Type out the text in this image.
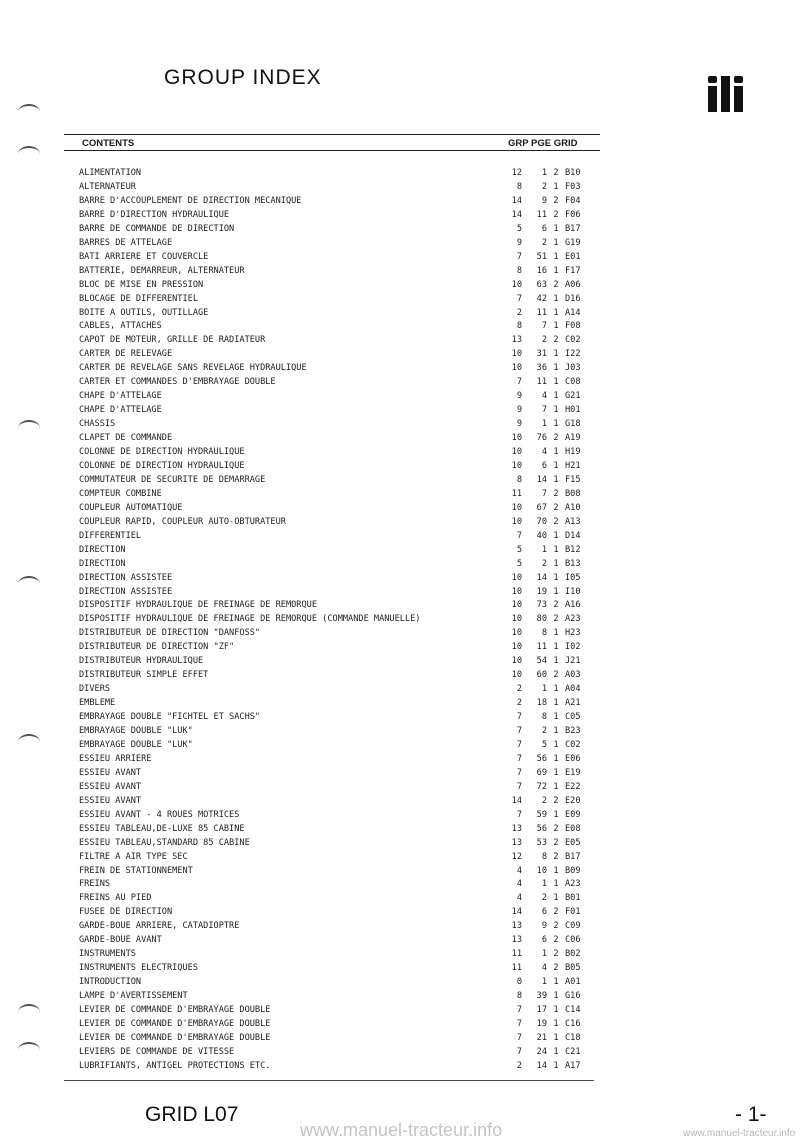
GROUP INDEX
CONTENTS	GRP PGE GRID
ALIMENTATION	12	1 2 B10
ALTERNATEUR	8	2 1 F03
BARRE D'ACCOUPLEMENT DE DIRECTION MECANIQUE	14	9 2 F04
BARRE D'DIRECTION HYDRAULIQUE	14	11 2 F06
BARRE DE COMMANDE DE DIRECTION	5	6 1 B17
BARRES DE ATTELAGE	9	2 1 G19
BATI ARRIERE ET COUVERCLE	7	51 1 E01
BATTERIE, DEMARREUR, ALTERNATEUR	8	16 1 F17
BLOC DE MISE EN PRESSION	10	63 2 A06
BLOCAGE DE DIFFERENTIEL	7	42 1 D16
BOITE A OUTILS, OUTILLAGE	2	11 1 A14
CABLES, ATTACHES	8	7 1 F08
CAPOT DE MOTEUR, GRILLE DE RADIATEUR	13	2 2 C02
CARTER DE RELEVAGE	10	31 1 I22
CARTER DE REVELAGE SANS REVELAGE HYDRAULIQUE	10	36 1 J03
CARTER ET COMMANDES D'EMBRAYAGE DOUBLE	7	11 1 C08
CHAPE D'ATTELAGE	9	4 1 G21
CHAPE D'ATTELAGE	9	7 1 H01
CHASSIS	9	1 1 G18
CLAPET DE COMMANDE	10	76 2 A19
COLONNE DE DIRECTION HYDRAULIQUE	10	4 1 H19
COLONNE DE DIRECTION HYDRAULIQUE	10	6 1 H21
COMMUTATEUR DE SECURITE DE DEMARRAGE	8	14 1 F15
COMPTEUR COMBINE	11	7 2 B08
COUPLEUR AUTOMATIQUE	10	67 2 A10
COUPLEUR RAPID, COUPLEUR AUTO-OBTURATEUR	10	70 2 A13
DIFFERENTIEL	7	40 1 D14
DIRECTION	5	1 1 B12
DIRECTION	5	2 1 B13
DIRECTION ASSISTEE	10	14 1 I05
DIRECTION ASSISTEE	10	19 1 I10
DISPOSITIF HYDRAULIQUE DE FREINAGE DE REMORQUE	10	73 2 A16
DISPOSITIF HYDRAULIQUE DE FREINAGE DE REMORQUE (COMMANDE MANUELLE)	10	80 2 A23
DISTRIBUTEUR DE DIRECTION "DANFOSS"	10	8 1 H23
DISTRIBUTEUR DE DIRECTION "ZF"	10	11 1 I02
DISTRIBUTEUR HYDRAULIQUE	10	54 1 J21
DISTRIBUTEUR SIMPLE EFFET	10	60 2 A03
DIVERS	2	1 1 A04
EMBLEME	2	18 1 A21
EMBRAYAGE DOUBLE "FICHTEL ET SACHS"	7	8 1 C05
EMBRAYAGE DOUBLE "LUK"	7	2 1 B23
EMBRAYAGE DOUBLE "LUK"	7	5 1 C02
ESSIEU ARRIERE	7	56 1 E06
ESSIEU AVANT	7	69 1 E19
ESSIEU AVANT	7	72 1 E22
ESSIEU AVANT	14	2 2 E20
ESSIEU AVANT - 4 ROUES MOTRICES	7	59 1 E09
ESSIEU TABLEAU,DE-LUXE 85 CABINE	13	56 2 E08
ESSIEU TABLEAU,STANDARD 85 CABINE	13	53 2 E05
FILTRE A AIR TYPE SEC	12	8 2 B17
FREIN DE STATIONNEMENT	4	10 1 B09
FREINS	4	1 1 A23
FREINS AU PIED	4	2 1 B01
FUSEE DE DIRECTION	14	6 2 F01
GARDE-BOUE ARRIERE, CATADIOPTRE	13	9 2 C09
GARDE-BOUE AVANT	13	6 2 C06
INSTRUMENTS	11	1 2 B02
INSTRUMENTS ELECTRIQUES	11	4 2 B05
INTRODUCTION	0	1 1 A01
LAMPE D'AVERTISSEMENT	8	39 1 G16
LEVIER DE COMMANDE D'EMBRAYAGE DOUBLE	7	17 1 C14
LEVIER DE COMMANDE D'EMBRAYAGE DOUBLE	7	19 1 C16
LEVIER DE COMMANDE D'EMBRAYAGE DOUBLE	7	21 1 C18
LEVIERS DE COMMANDE DE VITESSE	7	24 1 C21
LUBRIFIANTS, ANTIGEL PROTECTIONS ETC.	2	14 1 A17
GRID L07
www.manuel-tracteur.info	www.manuel-tracteur.info
- 1-
